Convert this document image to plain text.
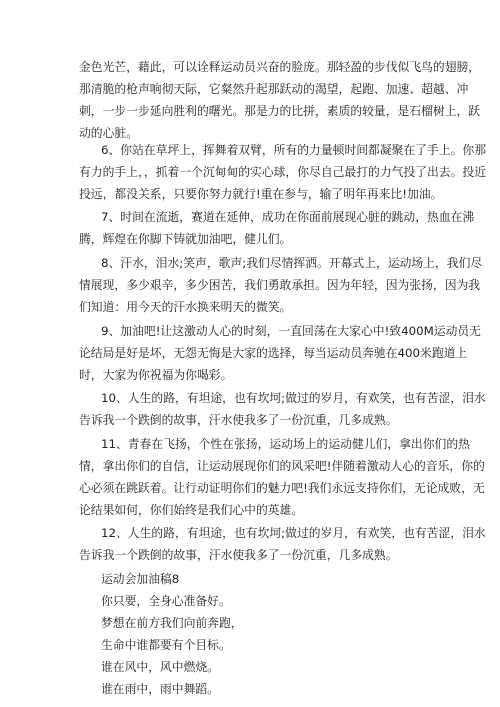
金色光芒，藉此，可以诠释运动员兴奋的脸庞。那轻盈的步伐似飞鸟的翅膀，
那清脆的枪声响彻天际，它粲然升起那跃动的渴望，起跑、加速、超越、冲
刺，一步一步延向胜利的曙光。那是力的比拼，素质的较量，是石榴树上，跃
动的心脏。
6、你站在草坪上，挥舞着双臂，所有的力量顿时间都凝聚在了手上。你那
有力的手上，，抓着一个沉甸甸的实心球，你尽自己最打的力气投了出去。投近
投远，都没关系，只要你努力就行!重在参与，输了明年再来比!加油。
7、时间在流逝，赛道在延伸，成功在你面前展现心脏的跳动，热血在沸
腾，辉煌在你脚下铸就加油吧，健儿们。
8、汗水，泪水;笑声，歌声;我们尽情挥洒。开幕式上，运动场上，我们尽
情展现，多少艰辛，多少困苦，我们勇敢承担。因为年轻，因为张扬，因为我
们知道：用今天的汗水换来明天的微笑。
9、加油吧!让这激动人心的时刻，一直回荡在大家心中!致400M运动员无
论结局是好是坏，无怨无悔是大家的选择，每当运动员奔驰在400米跑道上
时，大家为你祝福为你喝彩。
10、人生的路，有坦途，也有坎坷;做过的岁月，有欢笑，也有苦涩，泪水
告诉我一个跌倒的故事，汗水使我多了一份沉重，几多成熟。
11、青春在飞扬，个性在张扬，运动场上的运动健儿们，拿出你们的热
情，拿出你们的自信，让运动展现你们的风采吧!伴随着激动人心的音乐，你的
心必须在跳跃着。让行动证明你们的魅力吧!我们永远支持你们，无论成败，无
论结果如何，你们始终是我们心中的英雄。
12、人生的路，有坦途，也有坎坷;做过的岁月，有欢笑，也有苦涩，泪水
告诉我一个跌倒的故事，汗水使我多了一份沉重，几多成熟。
运动会加油稿8
你只要，全身心准备好。
梦想在前方我们向前奔跑，
生命中谁都要有个目标。
谁在风中，风中燃烧。
谁在雨中，雨中舞蹈。
